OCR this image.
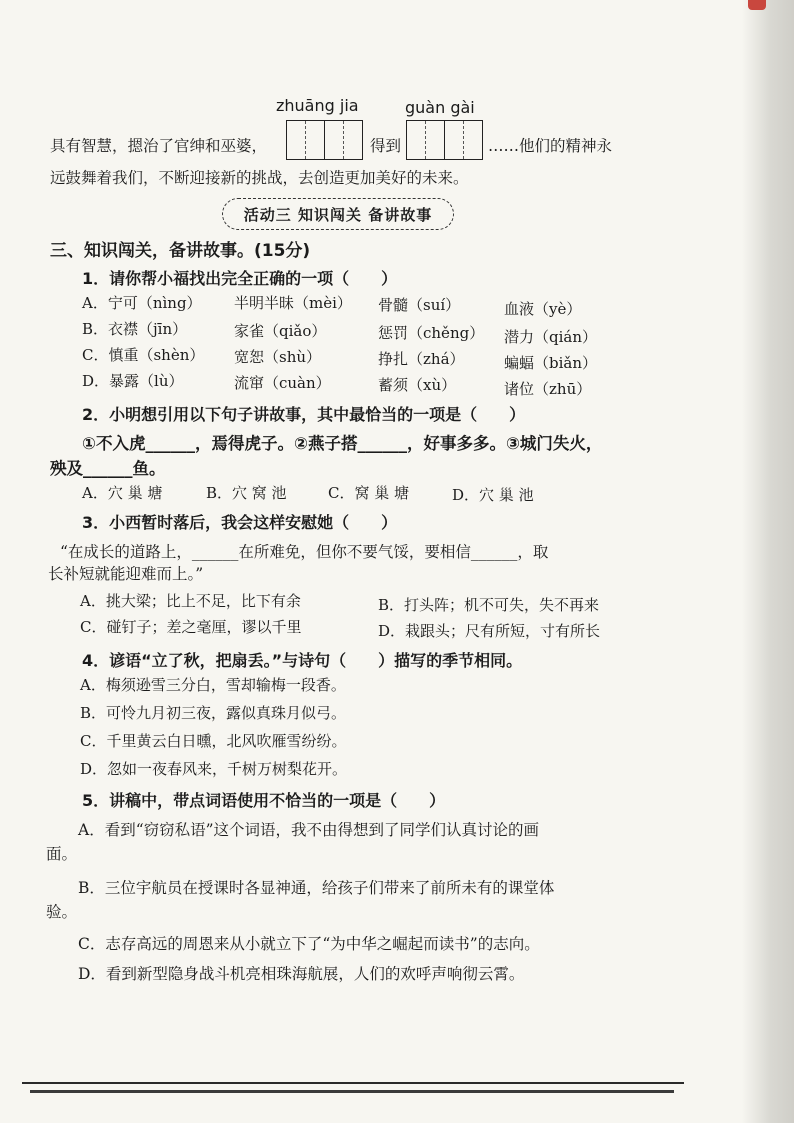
zhuāng jia	guàn gài
具有智慧，摁治了官绅和巫婆，	得到	……他们的精神永
远鼓舞着我们，不断迎接新的挑战，去创造更加美好的未来。
活动三 知识闯关 备讲故事
三、知识闯关，备讲故事。(15分)
1．请你帮小福找出完全正确的一项（　　）
A．宁可（nìng） 半明半昧（mèi） 骨髓（suí）	血液（yè）
B．衣襟（jīn）	家雀（qiǎo）	惩罚（chěng） 潜力（qián）
C．慎重（shèn） 宽恕（shù）	挣扎（zhá）	蝙蝠（biǎn）
D．暴露（lù）	流窜（cuàn）	蓄须（xù）	诸位（zhū）
2．小明想引用以下句子讲故事，其中最恰当的一项是（　　）
①不入虎______，焉得虎子。②燕子搭______，好事多多。③城门失火，
殃及______鱼。
A．穴 巢 塘	B．穴 窝 池	C．窝 巢 塘	D．穴 巢 池
3．小西暂时落后，我会这样安慰她（　　）
“在成长的道路上，______在所难免，但你不要气馁，要相信______，取
长补短就能迎难而上。”
A．挑大梁；比上不足，比下有余	B．打头阵；机不可失，失不再来
C．碰钉子；差之毫厘，谬以千里	D．栽跟头；尺有所短，寸有所长
4．谚语“立了秋，把扇丢。”与诗句（　　）描写的季节相同。
A．梅须逊雪三分白，雪却输梅一段香。
B．可怜九月初三夜，露似真珠月似弓。
C．千里黄云白日曛，北风吹雁雪纷纷。
D．忽如一夜春风来，千树万树梨花开。
5．讲稿中，带点词语使用不恰当的一项是（　　）
A．看到“窃窃私语”这个词语，我不由得想到了同学们认真讨论的画
面。
B．三位宇航员在授课时各显神通，给孩子们带来了前所未有的课堂体
验。
C．志存高远的周恩来从小就立下了“为中华之崛起而读书”的志向。
D．看到新型隐身战斗机亮相珠海航展，人们的欢呼声响彻云霄。
